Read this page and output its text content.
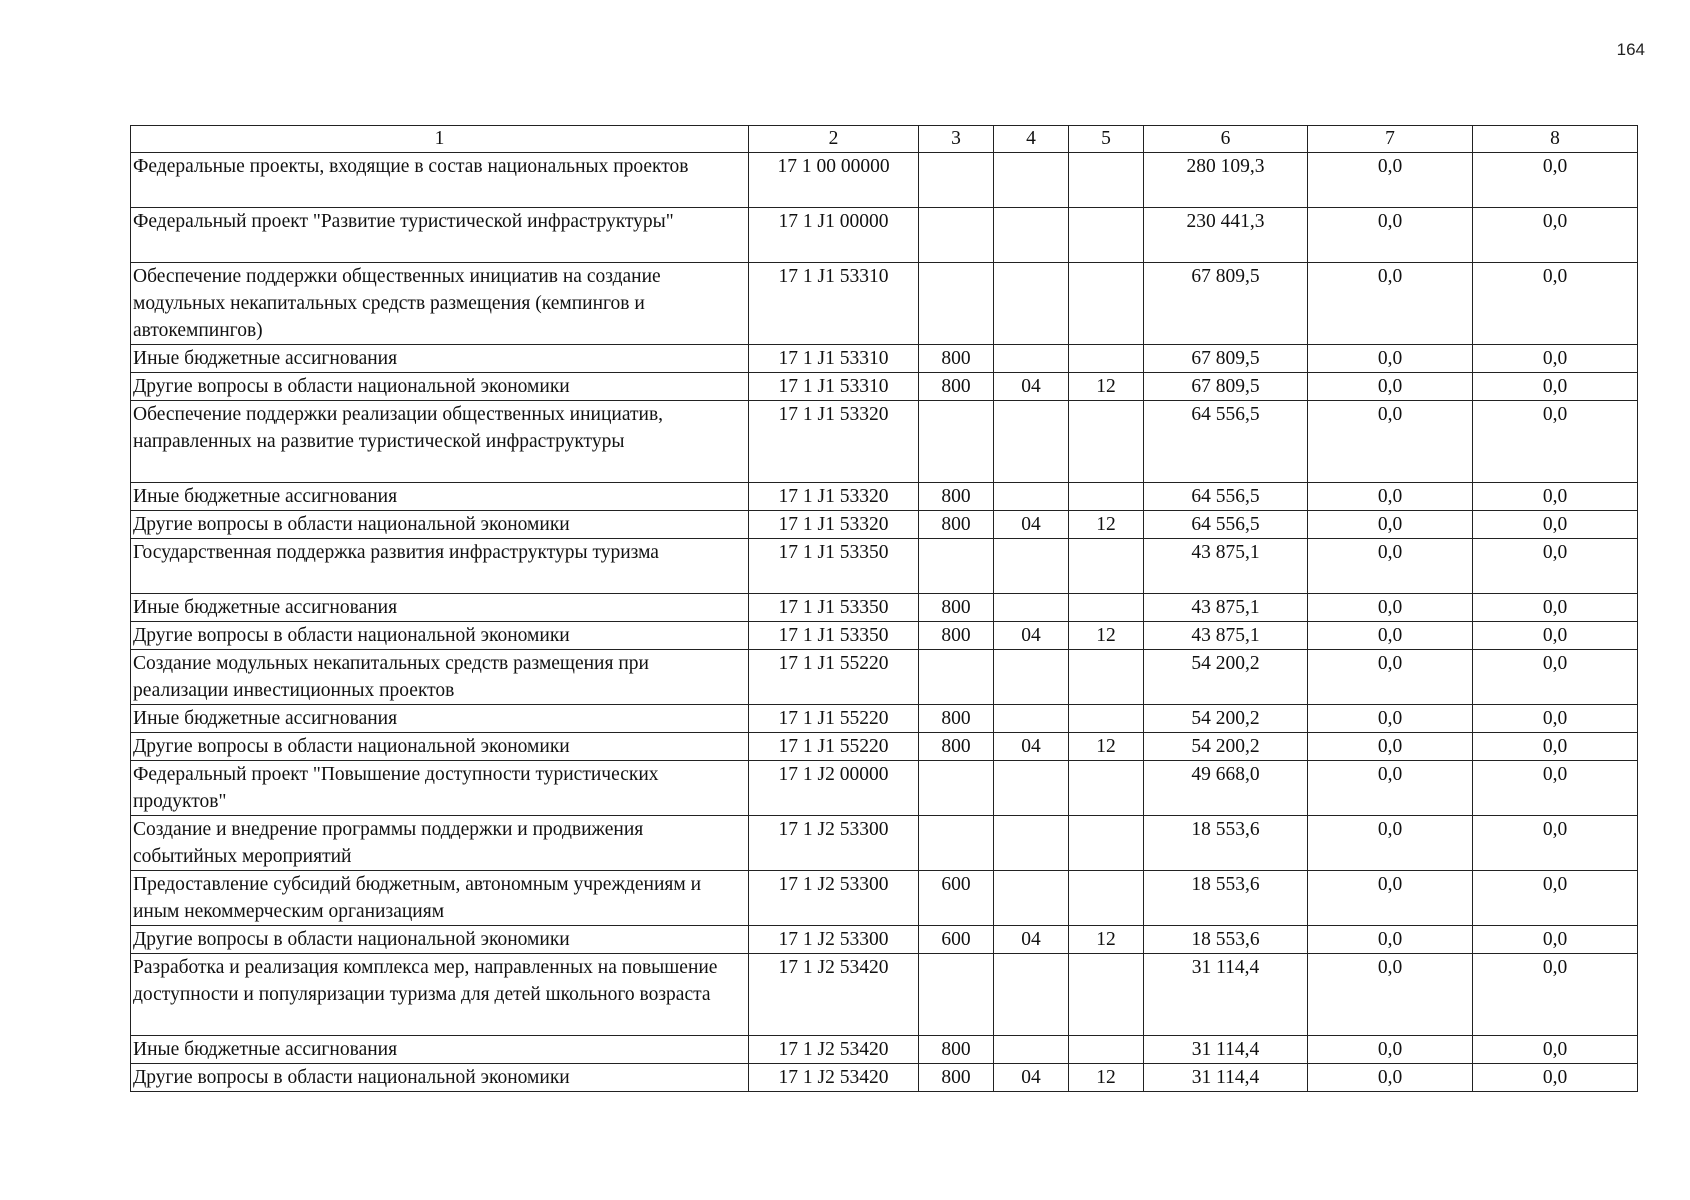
164
1	2	3	4	5	6	7	8
Федеральные проекты, входящие в состав национальных проектов	17 1 00 00000				280 109,3	0,0	0,0
Федеральный проект "Развитие туристической инфраструктуры"	17 1 J1 00000				230 441,3	0,0	0,0
Обеспечение поддержки общественных инициатив на создание модульных некапитальных средств размещения (кемпингов и автокемпингов)	17 1 J1 53310				67 809,5	0,0	0,0
Иные бюджетные ассигнования	17 1 J1 53310	800			67 809,5	0,0	0,0
Другие вопросы в области национальной экономики	17 1 J1 53310	800	04	12	67 809,5	0,0	0,0
Обеспечение поддержки реализации общественных инициатив, направленных на развитие туристической инфраструктуры	17 1 J1 53320				64 556,5	0,0	0,0
Иные бюджетные ассигнования	17 1 J1 53320	800			64 556,5	0,0	0,0
Другие вопросы в области национальной экономики	17 1 J1 53320	800	04	12	64 556,5	0,0	0,0
Государственная поддержка развития инфраструктуры туризма	17 1 J1 53350				43 875,1	0,0	0,0
Иные бюджетные ассигнования	17 1 J1 53350	800			43 875,1	0,0	0,0
Другие вопросы в области национальной экономики	17 1 J1 53350	800	04	12	43 875,1	0,0	0,0
Создание модульных некапитальных средств размещения при реализации инвестиционных проектов	17 1 J1 55220				54 200,2	0,0	0,0
Иные бюджетные ассигнования	17 1 J1 55220	800			54 200,2	0,0	0,0
Другие вопросы в области национальной экономики	17 1 J1 55220	800	04	12	54 200,2	0,0	0,0
Федеральный проект "Повышение доступности туристических продуктов"	17 1 J2 00000				49 668,0	0,0	0,0
Создание и внедрение программы поддержки и продвижения событийных мероприятий	17 1 J2 53300				18 553,6	0,0	0,0
Предоставление субсидий бюджетным, автономным учреждениям и иным некоммерческим организациям	17 1 J2 53300	600			18 553,6	0,0	0,0
Другие вопросы в области национальной экономики	17 1 J2 53300	600	04	12	18 553,6	0,0	0,0
Разработка и реализация комплекса мер, направленных на повышение доступности и популяризации туризма для детей школьного возраста	17 1 J2 53420				31 114,4	0,0	0,0
Иные бюджетные ассигнования	17 1 J2 53420	800			31 114,4	0,0	0,0
Другие вопросы в области национальной экономики	17 1 J2 53420	800	04	12	31 114,4	0,0	0,0
